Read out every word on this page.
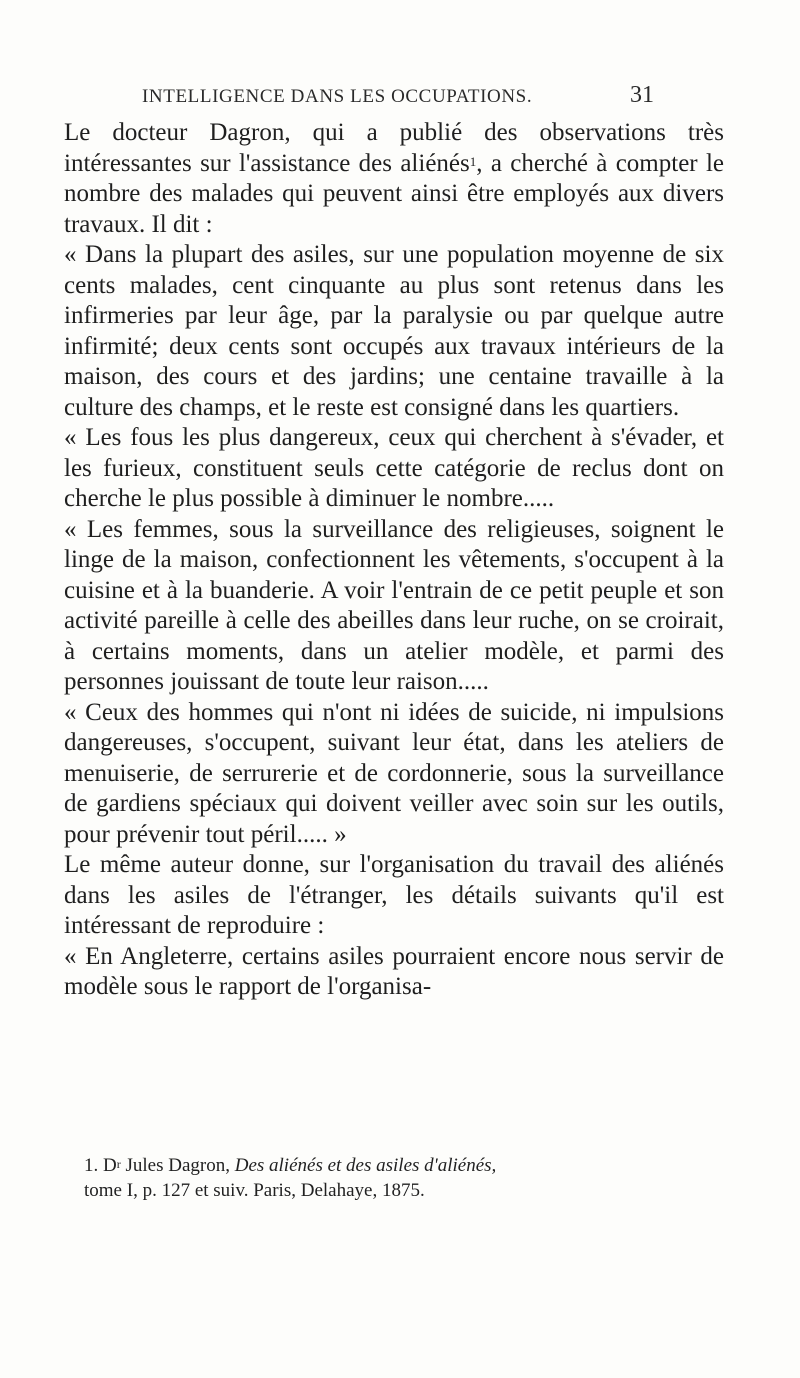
INTELLIGENCE DANS LES OCCUPATIONS.	31

Le docteur Dagron, qui a publié des observations très intéressantes sur l'assistance des aliénés$^1$, a cherché à compter le nombre des malades qui peuvent ainsi être employés aux divers travaux. Il dit :

« Dans la plupart des asiles, sur une population moyenne de six cents malades, cent cinquante au plus sont retenus dans les infirmeries par leur âge, par la paralysie ou par quelque autre infirmité; deux cents sont occupés aux travaux intérieurs de la maison, des cours et des jardins; une centaine travaille à la culture des champs, et le reste est consigné dans les quartiers.

« Les fous les plus dangereux, ceux qui cherchent à s'évader, et les furieux, constituent seuls cette catégorie de reclus dont on cherche le plus possible à diminuer le nombre.....

« Les femmes, sous la surveillance des religieuses, soignent le linge de la maison, confectionnent les vêtements, s'occupent à la cuisine et à la buanderie. A voir l'entrain de ce petit peuple et son activité pareille à celle des abeilles dans leur ruche, on se croirait, à certains moments, dans un atelier modèle, et parmi des personnes jouissant de toute leur raison.....

« Ceux des hommes qui n'ont ni idées de suicide, ni impulsions dangereuses, s'occupent, suivant leur état, dans les ateliers de menuiserie, de serrurerie et de cordonnerie, sous la surveillance de gardiens spéciaux qui doivent veiller avec soin sur les outils, pour prévenir tout péril..... »

Le même auteur donne, sur l'organisation du travail des aliénés dans les asiles de l'étranger, les détails suivants qu'il est intéressant de reproduire :

« En Angleterre, certains asiles pourraient encore nous servir de modèle sous le rapport de l'organisa-

1. $D^r$ Jules Dagron, Des aliénés et des asiles d'aliénés,
tome I, p. 127 et suiv. Paris, Delahaye, 1875.
